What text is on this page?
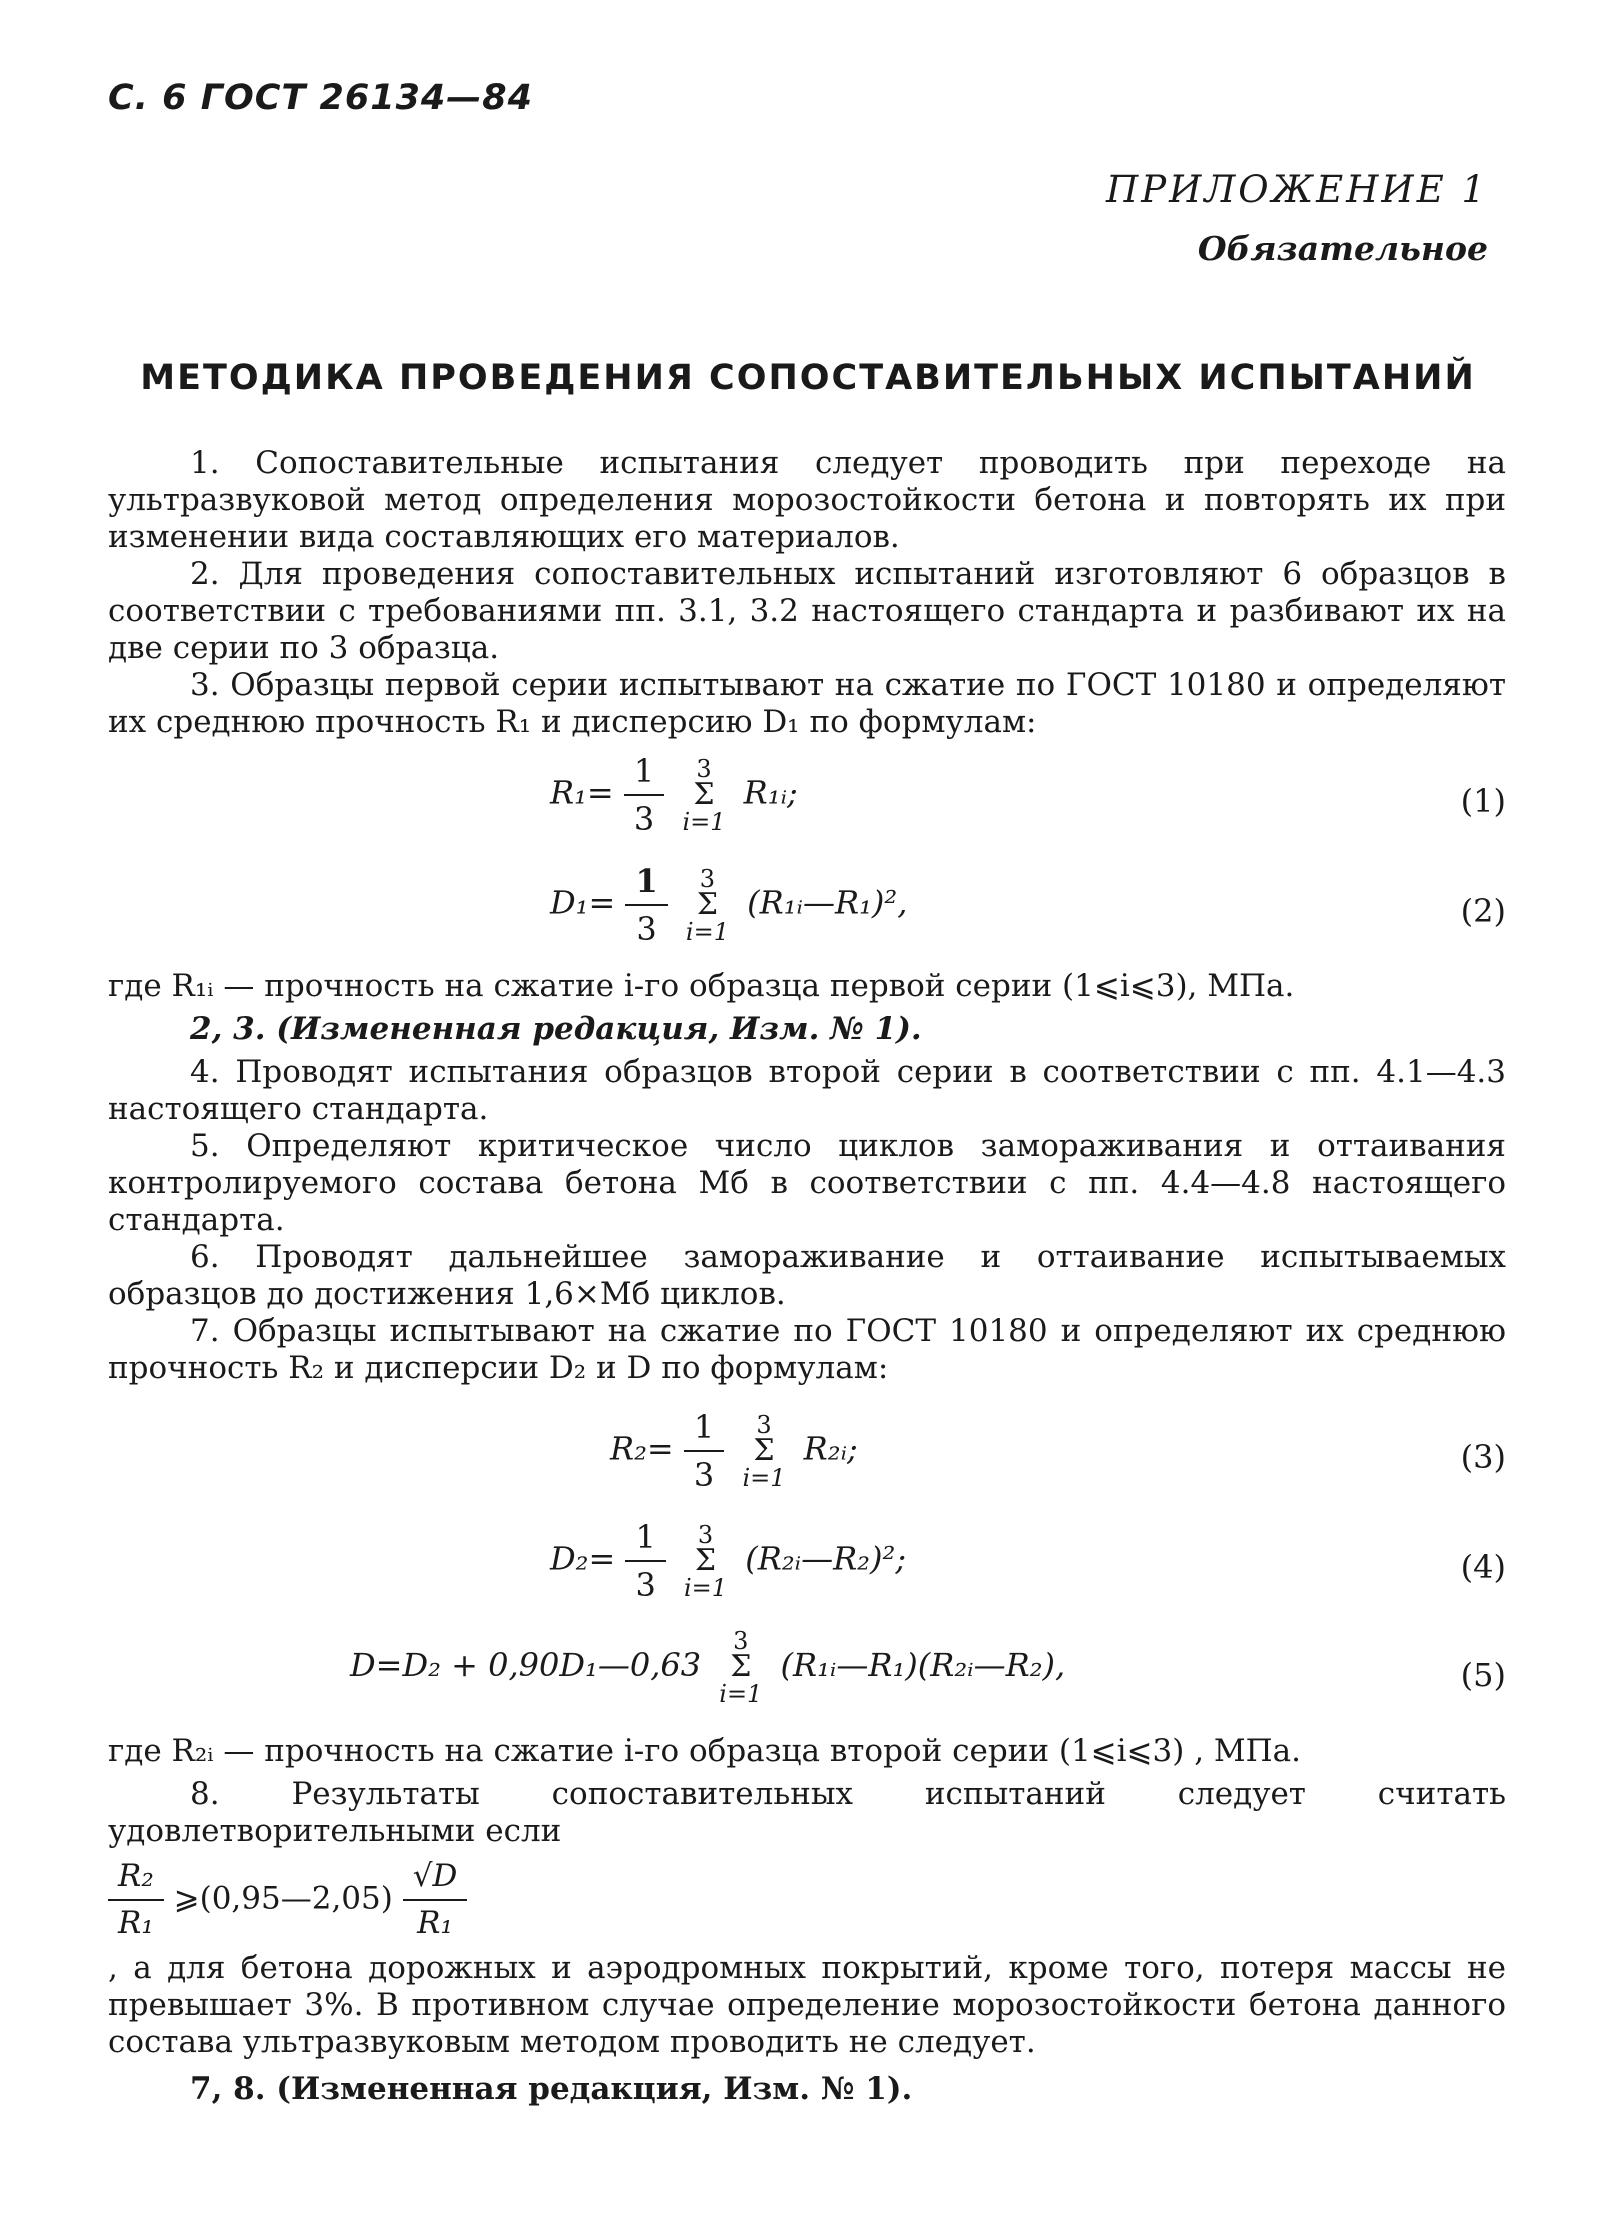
С. 6 ГОСТ 26134—84
ПРИЛОЖЕНИЕ 1
Обязательное
МЕТОДИКА ПРОВЕДЕНИЯ СОПОСТАВИТЕЛЬНЫХ ИСПЫТАНИЙ

1. Сопоставительные испытания следует проводить при переходе на ультразвуковой метод определения морозостойкости бетона и повторять их при изменении вида составляющих его материалов.

2. Для проведения сопоставительных испытаний изготовляют 6 образцов в соответствии с требованиями пп. 3.1, 3.2 настоящего стандарта и разбивают их на две серии по 3 образца.

3. Образцы первой серии испытывают на сжатие по ГОСТ 10180 и определяют их среднюю прочность R₁ и дисперсию D₁ по формулам:

$R_1= \frac{1}{3} 3$
Σ
i=1 R₁ᵢ;	(1)
$D_1= \frac{1}{3} 3$
Σ
i=1 (R₁ᵢ—R₁)²,	(2)

где R₁ᵢ — прочность на сжатие i-го образца первой серии (1⩽i⩽3), МПа.

2, 3. (Измененная редакция, Изм. № 1).

4. Проводят испытания образцов второй серии в соответствии с пп. 4.1—4.3 настоящего стандарта.

5. Определяют критическое число циклов замораживания и оттаивания контролируемого состава бетона Mб в соответствии с пп. 4.4—4.8 настоящего стандарта.

6. Проводят дальнейшее замораживание и оттаивание испытываемых образцов до достижения 1,6×Mб циклов.

7. Образцы испытывают на сжатие по ГОСТ 10180 и определяют их среднюю прочность R₂ и дисперсии D₂ и D по формулам:

$R_2= \frac{1}{3} 3$
Σ
i=1 R₂ᵢ;	(3)
$D_2= \frac{1}{3} 3$
Σ
i=1 (R₂ᵢ—R₂)²;	(4)
D=D₂ + 0,90D₁—0,63 3
Σ
i=1 (R₁ᵢ—R₁)(R₂ᵢ—R₂),	(5)

где R₂ᵢ — прочность на сжатие i-го образца второй серии (1⩽i⩽3) , МПа.

8. Результаты сопоставительных испытаний следует считать удовлетворительными если

$\frac{\text{R₂}}{\text{R₁}}$ ⩾(0,95—2,05) $\frac{√D}{\text{R₁}}$

, а для бетона дорожных и аэродромных покрытий, кроме того, потеря массы не превышает 3%. В противном случае определение морозостойкости бетона данного состава ультразвуковым методом проводить не следует.

7, 8. (Измененная редакция, Изм. № 1).
